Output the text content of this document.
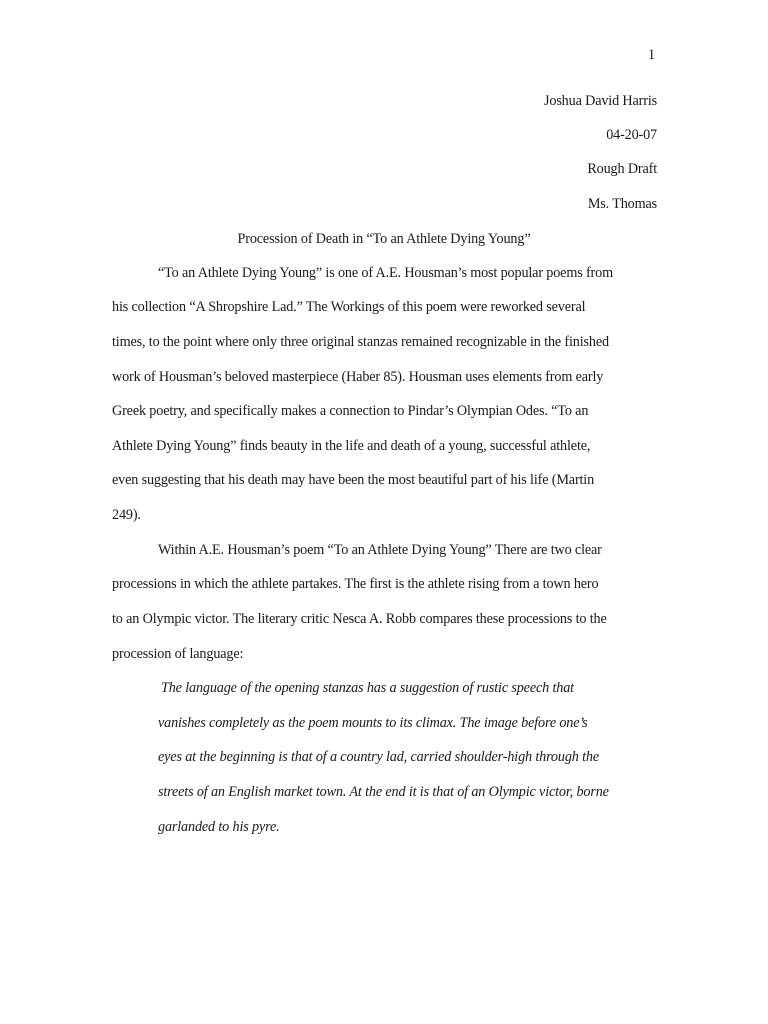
1
Joshua David Harris
04-20-07
Rough Draft
Ms. Thomas
Procession of Death in “To an Athlete Dying Young”
“To an Athlete Dying Young” is one of A.E. Housman’s most popular poems from
his collection “A Shropshire Lad.” The Workings of this poem were reworked several
times, to the point where only three original stanzas remained recognizable in the finished
work of Housman’s beloved masterpiece (Haber 85). Housman uses elements from early
Greek poetry, and specifically makes a connection to Pindar’s Olympian Odes. “To an
Athlete Dying Young” finds beauty in the life and death of a young, successful athlete,
even suggesting that his death may have been the most beautiful part of his life (Martin
249).
Within A.E. Housman’s poem “To an Athlete Dying Young” There are two clear
processions in which the athlete partakes. The first is the athlete rising from a town hero
to an Olympic victor. The literary critic Nesca A. Robb compares these processions to the
procession of language:
The language of the opening stanzas has a suggestion of rustic speech that
vanishes completely as the poem mounts to its climax. The image before one’s
eyes at the beginning is that of a country lad, carried shoulder-high through the
streets of an English market town. At the end it is that of an Olympic victor, borne
garlanded to his pyre.
